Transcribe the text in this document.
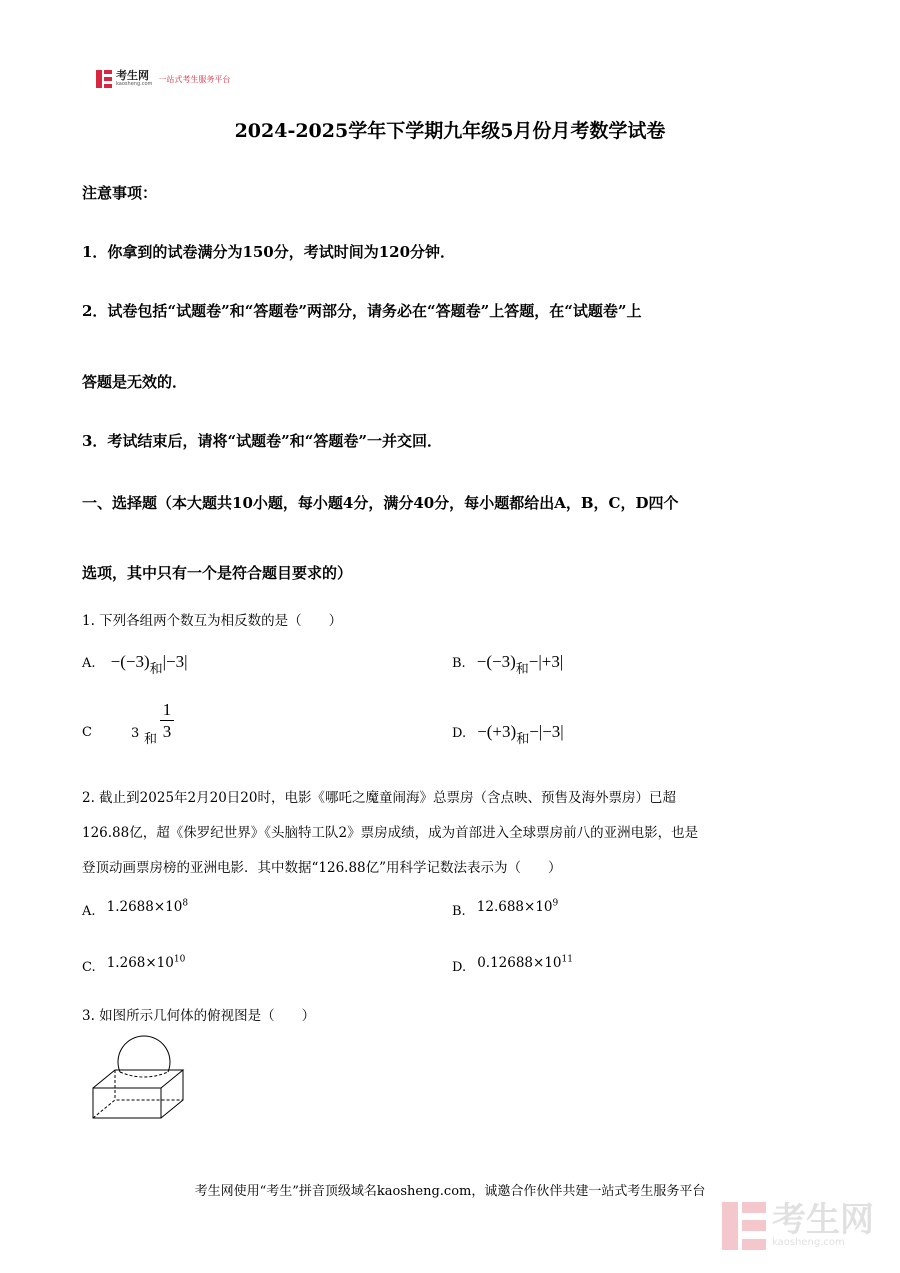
考生网
kaosheng.com
一站式考生服务平台
2024-2025学年下学期九年级5月份月考数学试卷
注意事项：
1．你拿到的试卷满分为150分，考试时间为120分钟．
2．试卷包括“试题卷”和“答题卷”两部分，请务必在“答题卷”上答题，在“试题卷”上
答题是无效的．
3．考试结束后，请将“试题卷”和“答题卷”一并交回．
一、选择题（本大题共10小题，每小题4分，满分40分，每小题都给出A，B，C，D四个
选项，其中只有一个是符合题目要求的）
1. 下列各组两个数互为相反数的是（　　）
A. $-(-3)_和|-3|$	B. $-(-3)_和-|+3|$
C	3 和
1
3	D. $-(+3)_和-|-3|$
2. 截止到2025年2月20日20时，电影《哪吒之魔童闹海》总票房（含点映、预售及海外票房）已超
126.88亿，超《侏罗纪世界》《头脑特工队2》票房成绩，成为首部进入全球票房前八的亚洲电影，也是
登顶动画票房榜的亚洲电影．其中数据“126.88亿”用科学记数法表示为（　　）
A. $^{1.2688\times 10^8}$
B. $^{12.688\times 10^9}$
C. $^{1.268\times 10^{10}}$
D. $^{0.12688\times 10^{11}}$
3. 如图所示几何体的俯视图是（　　）
考生网使用“考生”拼音顶级域名kaosheng.com，诚邀合作伙伴共建一站式考生服务平台
考生网
kaosheng.com
